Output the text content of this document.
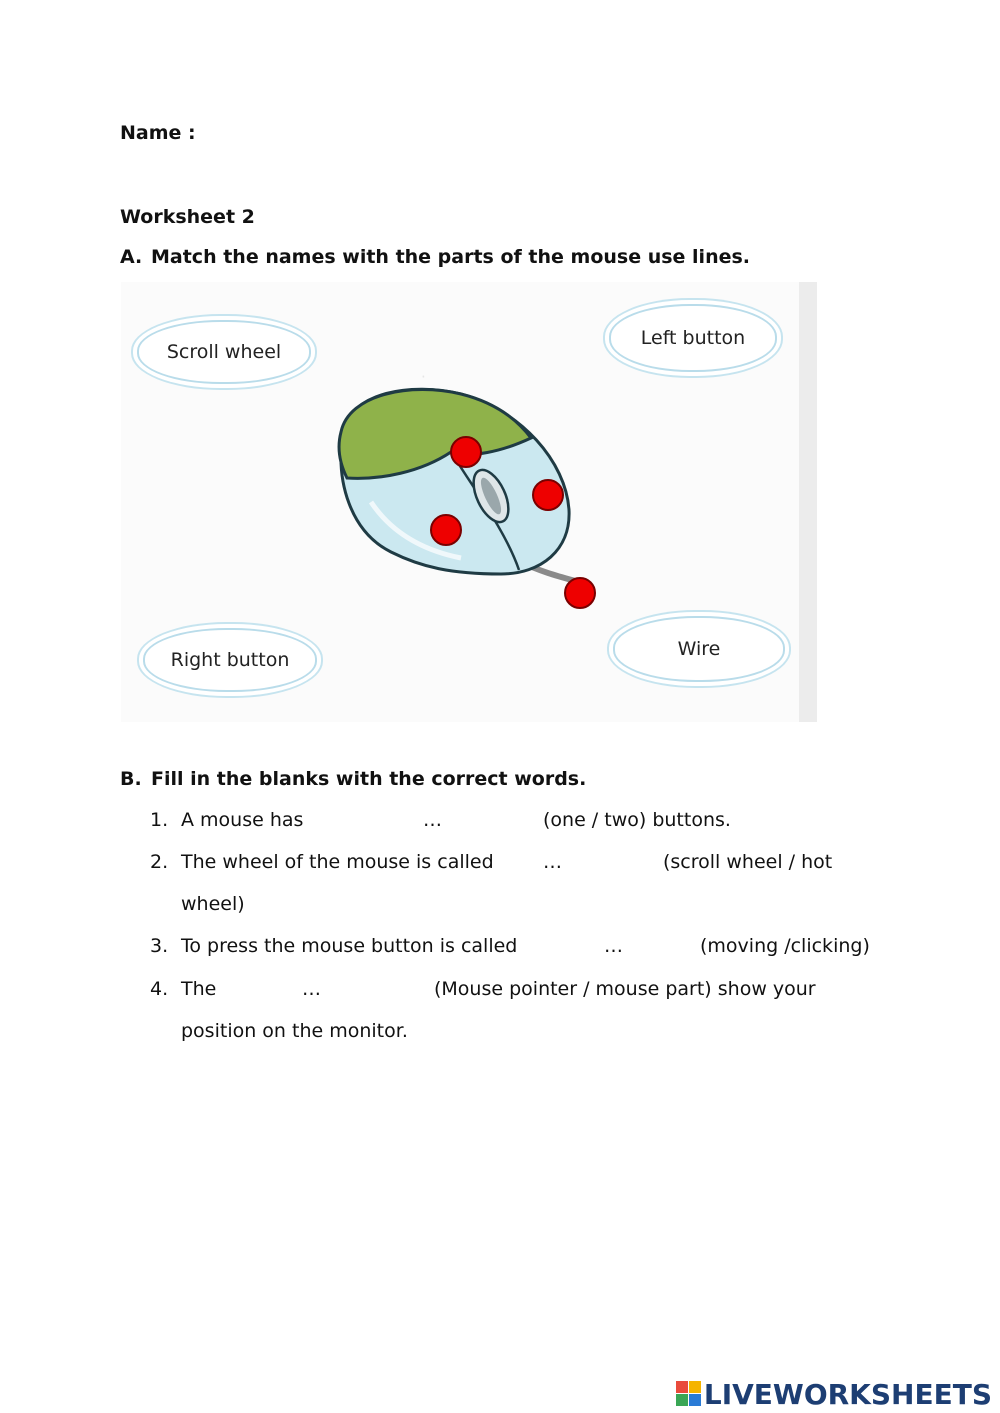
Name :
Worksheet 2
A. Match the names with the parts of the mouse use lines.
·
Scroll wheel
Left button
Right button	Wire
B. Fill in the blanks with the correct words.
1. A mouse has	…	(one / two) buttons.
2. The wheel of the mouse is called	…	(scroll wheel / hot
wheel)
3. To press the mouse button is called	…	(moving /clicking)
4. The	…	(Mouse pointer / mouse part) show your
position on the monitor.
LIVEWORKSHEETS
